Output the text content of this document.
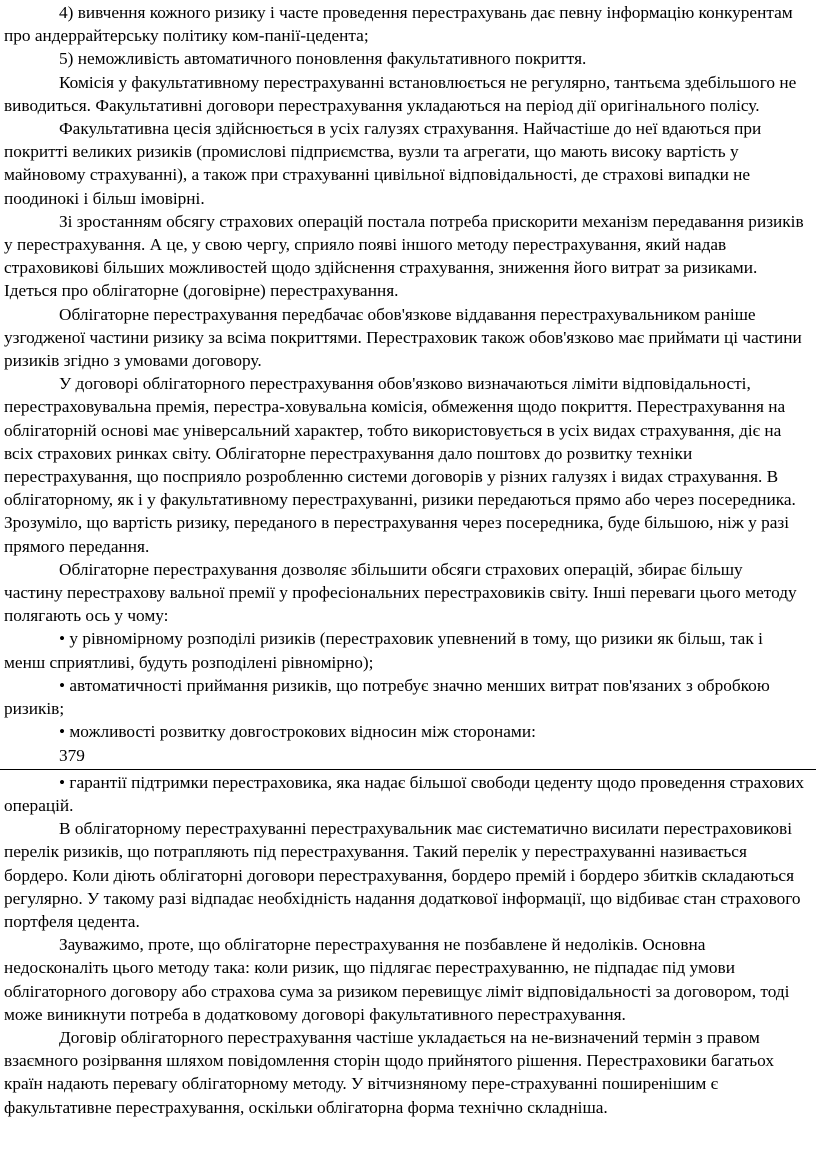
4) вивчення кожного ризику і часте проведення перестрахувань дає певну інформацію конкурентам про андеррайтерську політику ком-панії-цедента;

5) неможливість автоматичного поновлення факультативного покриття.

Комісія у факультативному перестрахуванні встановлюється не регулярно, тантьєма здебільшого не виводиться. Факультативні договори перестрахування укладаються на період дії оригінального полісу.

Факультативна цесія здійснюється в усіх галузях страхування. Найчастіше до неї вдаються при покритті великих ризиків (промислові підприємства, вузли та агрегати, що мають високу вартість у майновому страхуванні), а також при страхуванні цивільної відповідальності, де страхові випадки не поодинокі і більш імовірні.

Зі зростанням обсягу страхових операцій постала потреба прискорити механізм передавання ризиків у перестрахування. А це, у свою чергу, сприяло появі іншого методу перестрахування, який надав страховикові більших можливостей щодо здійснення страхування, зниження його витрат за ризиками. Ідеться про облігаторне (договірне) перестрахування.

Облігаторне перестрахування передбачає обов'язкове віддавання перестрахувальником раніше узгодженої частини ризику за всіма покриттями. Перестраховик також обов'язково має приймати ці частини ризиків згідно з умовами договору.

У договорі облігаторного перестрахування обов'язково визначаються ліміти відповідальності, перестраховувальна премія, перестра-ховувальна комісія, обмеження щодо покриття. Перестрахування на облігаторній основі має універсальний характер, тобто використовується в усіх видах страхування, діє на всіх страхових ринках світу. Облігаторне перестрахування дало поштовх до розвитку техніки перестрахування, що посприяло розробленню системи договорів у різних галузях і видах страхування. В облігаторному, як і у факультативному перестрахуванні, ризики передаються прямо або через посередника. Зрозуміло, що вартість ризику, переданого в перестрахування через посередника, буде більшою, ніж у разі прямого передання.

Облігаторне перестрахування дозволяє збільшити обсяги страхових операцій, збирає більшу частину перестрахову вальної премії у професіональних перестраховиків світу. Інші переваги цього методу полягають ось у чому:

• у рівномірному розподілі ризиків (перестраховик упевнений в тому, що ризики як більш, так і менш сприятливі, будуть розподілені рівномірно);

• автоматичності приймання ризиків, що потребує значно менших витрат пов'язаних з обробкою ризиків;

• можливості розвитку довгострокових відносин між сторонами:

379

• гарантії підтримки перестраховика, яка надає більшої свободи цеденту щодо проведення страхових операцій.

В облігаторному перестрахуванні перестрахувальник має систематично висилати перестраховикові перелік ризиків, що потрапляють під перестрахування. Такий перелік у перестрахуванні називається бордеро. Коли діють облігаторні договори перестрахування, бордеро премій і бордеро збитків складаються регулярно. У такому разі відпадає необхідність надання додаткової інформації, що відбиває стан страхового портфеля цедента.

Зауважимо, проте, що облігаторне перестрахування не позбавлене й недоліків. Основна недосконаліть цього методу така: коли ризик, що підлягає перестрахуванню, не підпадає під умови облігаторного договору або страхова сума за ризиком перевищує ліміт відповідальності за договором, тоді може виникнути потреба в додатковому договорі факультативного перестрахування.

Договір облігаторного перестрахування частіше укладається на не-визначений термін з правом взаємного розірвання шляхом повідомлення сторін щодо прийнятого рішення. Перестраховики багатьох країн надають перевагу облігаторному методу. У вітчизняному пере-страхуванні поширенішим є факультативне перестрахування, оскільки облігаторна форма технічно складніша.
